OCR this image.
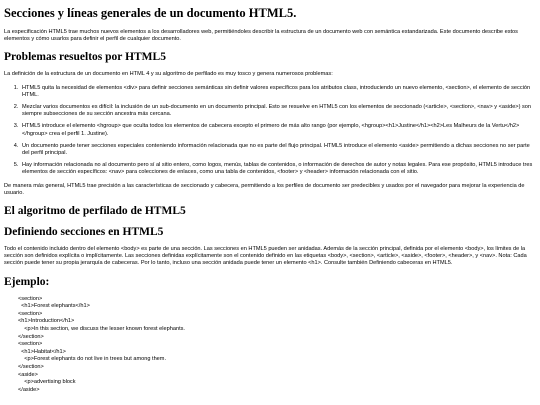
Secciones y líneas generales de un documento HTML5.

La especificación HTML5 trae muchos nuevos elementos a los desarrolladores web, permitiéndoles describir la estructura de un documento web con semántica estandarizada. Este documento describe estos elementos y cómo usarlos para definir el perfil de cualquier documento.

Problemas resueltos por HTML5

La definición de la estructura de un documento en HTML 4 y su algoritmo de perfilado es muy tosco y genera numerosos problemas:

1. HTML5 quita la necesidad de elementos <div> para definir secciones semánticas sin definir valores específicos para los atributos class, introduciendo un nuevo elemento, <section>, el elemento de sección HTML.
2. Mezclar varios documentos es difícil: la inclusión de un sub-documento en un documento principal. Esto se resuelve en HTML5 con los elementos de seccionado (<article>, <section>, <nav> y <aside>) son siempre subsecciones de su sección ancestra más cercana.
3. HTML5 introduce el elemento <hgroup> que oculta todos los elementos de cabecera excepto el primero de más alto rango (por ejemplo, <hgroup><h1>Justine</h1><h2>Les Malheurs de la Vertu</h2></hgroup> crea el perfil 1. Justine).
4. Un documento puede tener secciones especiales conteniendo información relacionada que no es parte del flujo principal. HTML5 introduce el elemento <aside> permitiendo a dichas secciones no ser parte del perfil principal.
5. Hay información relacionada no al documento pero sí al sitio entero, como logos, menús, tablas de contenidos, o información de derechos de autor y notas legales. Para ese propósito, HTML5 introduce tres elementos de sección específicos: <nav> para colecciones de enlaces, como una tabla de contenidos, <footer> y <header> información relacionada con el sitio.

De manera más general, HTML5 trae precisión a las características de seccionado y cabecera, permitiendo a los perfiles de documento ser predecibles y usados por el navegador para mejorar la experiencia de usuario.

El algoritmo de perfilado de HTML5
Definiendo secciones en HTML5

Todo el contenido incluido dentro del elemento <body> es parte de una sección. Las secciones en HTML5 pueden ser anidadas. Además de la sección principal, definida por el elemento <body>, los límites de la sección son definidos explícita o implícitamente. Las secciones definidas explícitamente son el contenido definido en las etiquetas <body>, <section>, <article>, <aside>, <footer>, <header>, y <nav>. Nota: Cada sección puede tener su propia jerarquía de cabeceras. Por lo tanto, incluso una sección anidada puede tener un elemento <h1>. Consulte también Definiendo cabeceras en HTML5.

Ejemplo:
<section>
<h1>Forest elephants</h1>
<section>
<h1>Introduction</h1>
<p>In this section, we discuss the lesser known forest elephants.
</section>
<section>
<h1>Habitat</h1>
<p>Forest elephants do not live in trees but among them.
</section>
<aside>
<p>advertising block
</aside>
